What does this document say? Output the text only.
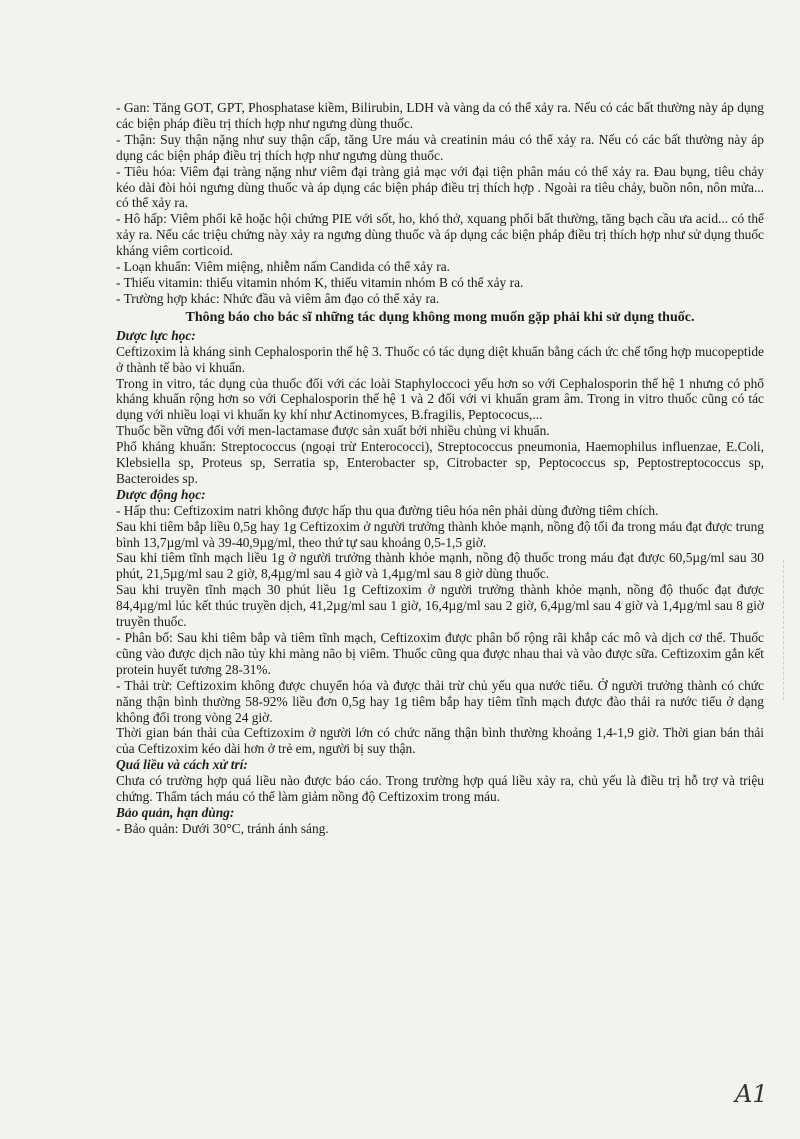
- Gan: Tăng GOT, GPT, Phosphatase kiềm, Bilirubin, LDH và vàng da có thể xảy ra. Nếu có các bất thường này áp dụng các biện pháp điều trị thích hợp như ngưng dùng thuốc.

- Thận: Suy thận nặng như suy thận cấp, tăng Ure máu và creatinin máu có thể xảy ra. Nếu có các bất thường này áp dụng các biện pháp điều trị thích hợp như ngưng dùng thuốc.

- Tiêu hóa: Viêm đại tràng nặng như viêm đại tràng giả mạc với đại tiện phân máu có thể xảy ra. Đau bụng, tiêu chảy kéo dài đòi hỏi ngưng dùng thuốc và áp dụng các biện pháp điều trị thích hợp . Ngoài ra tiêu chảy, buồn nôn, nôn mửa... có thể xảy ra.

- Hô hấp: Viêm phổi kẽ hoặc hội chứng PIE với sốt, ho, khó thở, xquang phổi bất thường, tăng bạch cầu ưa acid... có thể xảy ra. Nếu các triệu chứng này xảy ra ngưng dùng thuốc và áp dụng các biện pháp điều trị thích hợp như sử dụng thuốc kháng viêm corticoid.

- Loạn khuẩn: Viêm miệng, nhiễm nấm Candida có thể xảy ra.

- Thiếu vitamin: thiếu vitamin nhóm K, thiếu vitamin nhóm B có thể xảy ra.

- Trường hợp khác: Nhức đầu và viêm âm đạo có thể xảy ra.

Thông báo cho bác sĩ những tác dụng không mong muốn gặp phải khi sử dụng thuốc.

Dược lực học:

Ceftizoxim là kháng sinh Cephalosporin thế hệ 3. Thuốc có tác dụng diệt khuẩn bằng cách ức chế tổng hợp mucopeptide ở thành tế bào vi khuẩn.

Trong in vitro, tác dụng của thuốc đối với các loài Staphyloccoci yếu hơn so với Cephalosporin thế hệ 1 nhưng có phổ kháng khuẩn rộng hơn so với Cephalosporin thế hệ 1 và 2 đối với vi khuẩn gram âm. Trong in vitro thuốc cũng có tác dụng với nhiều loại vi khuẩn ky khí như Actinomyces, B.fragilis, Peptococus,...

Thuốc bền vững đối với men-lactamase được sản xuất bởi nhiều chủng vi khuẩn.

Phổ kháng khuẩn: Streptococcus (ngoại trừ Enterococci), Streptococcus pneumonia, Haemophilus influenzae, E.Coli, Klebsiella sp, Proteus sp, Serratia sp, Enterobacter sp, Citrobacter sp, Peptococcus sp, Peptostreptococcus sp, Bacteroides sp.

Dược động học:

- Hấp thu: Ceftizoxim natri không được hấp thu qua đường tiêu hóa nên phải dùng đường tiêm chích.

Sau khi tiêm bắp liều 0,5g hay 1g Ceftizoxim ở người trưởng thành khỏe mạnh, nồng độ tối đa trong máu đạt được trung bình 13,7µg/ml và 39-40,9µg/ml, theo thứ tự sau khoảng 0,5-1,5 giờ.

Sau khi tiêm tĩnh mạch liều 1g ở người trưởng thành khỏe mạnh, nồng độ thuốc trong máu đạt được 60,5µg/ml sau 30 phút, 21,5µg/ml sau 2 giờ, 8,4µg/ml sau 4 giờ và 1,4µg/ml sau 8 giờ dùng thuốc.

Sau khi truyền tĩnh mạch 30 phút liều 1g Ceftizoxim ở người trưởng thành khỏe mạnh, nồng độ thuốc đạt được 84,4µg/ml lúc kết thúc truyền dịch, 41,2µg/ml sau 1 giờ, 16,4µg/ml sau 2 giờ, 6,4µg/ml sau 4 giờ và 1,4µg/ml sau 8 giờ truyền thuốc.

- Phân bố: Sau khi tiêm bắp và tiêm tĩnh mạch, Ceftizoxim được phân bố rộng rãi khắp các mô và dịch cơ thể. Thuốc cũng vào được dịch não tủy khi màng não bị viêm. Thuốc cũng qua được nhau thai và vào được sữa. Ceftizoxim gắn kết protein huyết tương 28-31%.

- Thải trừ: Ceftizoxim không được chuyển hóa và được thải trừ chủ yếu qua nước tiểu. Ở người trưởng thành có chức năng thận bình thường 58-92% liều đơn 0,5g hay 1g tiêm bắp hay tiêm tĩnh mạch được đào thải ra nước tiểu ở dạng không đổi trong vòng 24 giờ.

Thời gian bán thải của Ceftizoxim ở người lớn có chức năng thận bình thường khoảng 1,4-1,9 giờ. Thời gian bán thải của Ceftizoxim kéo dài hơn ở trẻ em, người bị suy thận.

Quá liều và cách xử trí:

Chưa có trường hợp quá liều nào được báo cáo. Trong trường hợp quá liều xảy ra, chủ yếu là điều trị hỗ trợ và triệu chứng. Thẩm tách máu có thể làm giảm nồng độ Ceftizoxim trong máu.

Bảo quản, hạn dùng:

- Bảo quản: Dưới 30°C, tránh ánh sáng.

A1
